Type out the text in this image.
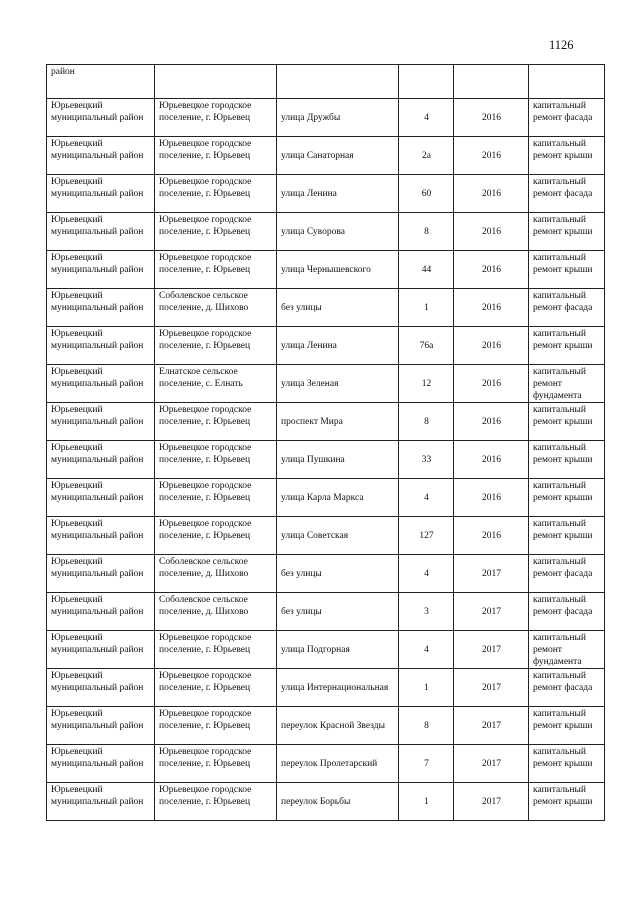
1126
район					
Юрьевецкий муниципальный район	Юрьевецкое городское поселение, г. Юрьевец	улица Дружбы	4	2016	капитальный ремонт фасада
Юрьевецкий муниципальный район	Юрьевецкое городское поселение, г. Юрьевец	улица Санаторная	2а	2016	капитальный ремонт крыши
Юрьевецкий муниципальный район	Юрьевецкое городское поселение, г. Юрьевец	улица Ленина	60	2016	капитальный ремонт фасада
Юрьевецкий муниципальный район	Юрьевецкое городское поселение, г. Юрьевец	улица Суворова	8	2016	капитальный ремонт крыши
Юрьевецкий муниципальный район	Юрьевецкое городское поселение, г. Юрьевец	улица Чернышевского	44	2016	капитальный ремонт крыши
Юрьевецкий муниципальный район	Соболевское сельское поселение, д. Шихово	без улицы	1	2016	капитальный ремонт фасада
Юрьевецкий муниципальный район	Юрьевецкое городское поселение, г. Юрьевец	улица Ленина	76а	2016	капитальный ремонт крыши
Юрьевецкий муниципальный район	Елнатское сельское поселение, с. Елнать	улица Зеленая	12	2016	капитальный ремонт фундамента
Юрьевецкий муниципальный район	Юрьевецкое городское поселение, г. Юрьевец	проспект Мира	8	2016	капитальный ремонт крыши
Юрьевецкий муниципальный район	Юрьевецкое городское поселение, г. Юрьевец	улица Пушкина	33	2016	капитальный ремонт крыши
Юрьевецкий муниципальный район	Юрьевецкое городское поселение, г. Юрьевец	улица Карла Маркса	4	2016	капитальный ремонт крыши
Юрьевецкий муниципальный район	Юрьевецкое городское поселение, г. Юрьевец	улица Советская	127	2016	капитальный ремонт крыши
Юрьевецкий муниципальный район	Соболевское сельское поселение, д. Шихово	без улицы	4	2017	капитальный ремонт фасада
Юрьевецкий муниципальный район	Соболевское сельское поселение, д. Шихово	без улицы	3	2017	капитальный ремонт фасада
Юрьевецкий муниципальный район	Юрьевецкое городское поселение, г. Юрьевец	улица Подгорная	4	2017	капитальный ремонт фундамента
Юрьевецкий муниципальный район	Юрьевецкое городское поселение, г. Юрьевец	улица Интернациональная	1	2017	капитальный ремонт фасада
Юрьевецкий муниципальный район	Юрьевецкое городское поселение, г. Юрьевец	переулок Красной Звезды	8	2017	капитальный ремонт крыши
Юрьевецкий муниципальный район	Юрьевецкое городское поселение, г. Юрьевец	переулок Пролетарский	7	2017	капитальный ремонт крыши
Юрьевецкий муниципальный район	Юрьевецкое городское поселение, г. Юрьевец	переулок Борьбы	1	2017	капитальный ремонт крыши
